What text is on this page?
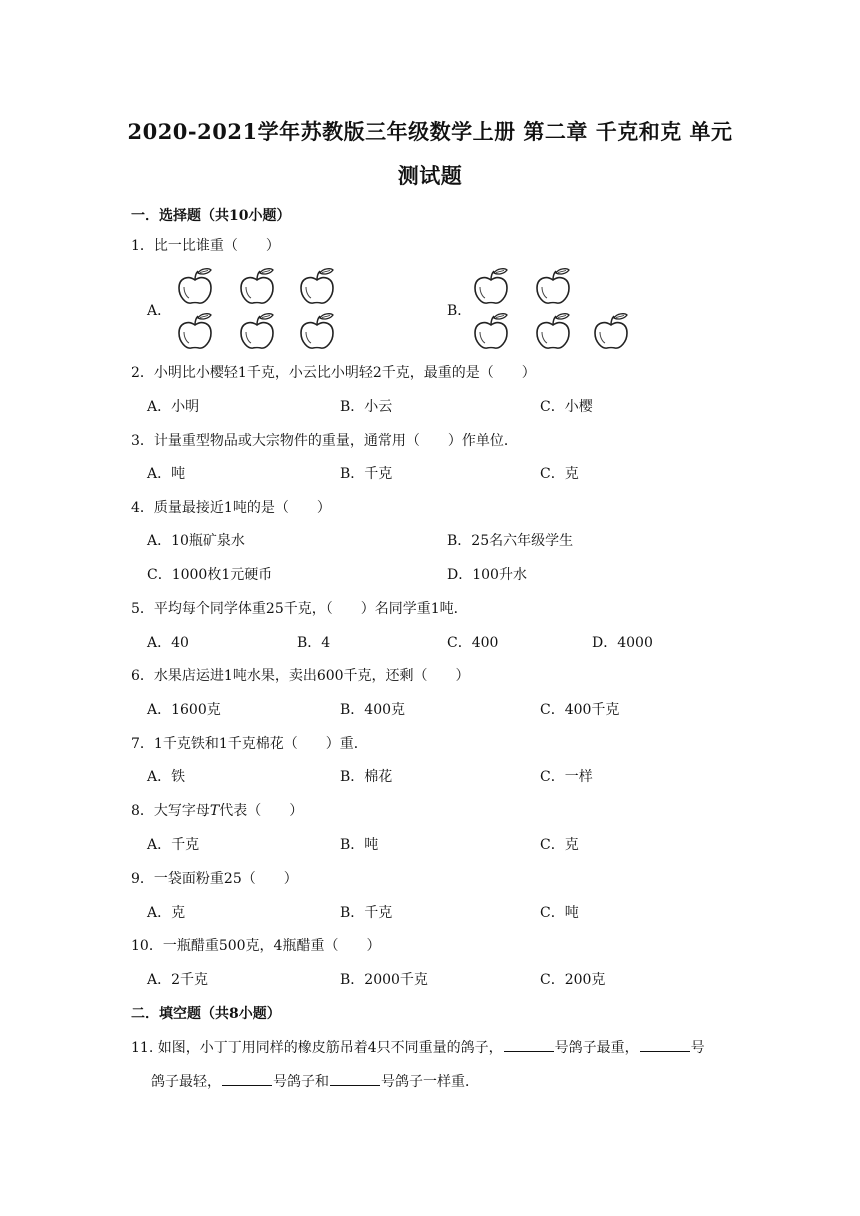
2020-2021学年苏教版三年级数学上册 第二章 千克和克 单元
测试题
一．选择题（共10小题）
1．比一比谁重（　　）
A．	B．
2．小明比小樱轻1千克，小云比小明轻2千克，最重的是（　　）
A．小明	B．小云	C．小樱
3．计量重型物品或大宗物件的重量，通常用（　　）作单位．
A．吨	B．千克	C．克
4．质量最接近1吨的是（　　）
A．10瓶矿泉水	B．25名六年级学生
C．1000枚1元硬币	D．100升水
5．平均每个同学体重25千克，（　　）名同学重1吨．
A．40	B．4	C．400	D．4000
6．水果店运进1吨水果，卖出600千克，还剩（　　）
A．1600克	B．400克	C．400千克
7．1千克铁和1千克棉花（　　）重．
A．铁	B．棉花	C．一样
8．大写字母T代表（　　）
A．千克	B．吨	C．克
9．一袋面粉重25（　　）
A．克	B．千克	C．吨
10．一瓶醋重500克，4瓶醋重（　　）
A．2千克	B．2000千克	C．200克
二．填空题（共8小题）
11. 如图，小丁丁用同样的橡皮筋吊着4只不同重量的鸽子，	号鸽子最重，	号
鸽子最轻，	号鸽子和	号鸽子一样重．
